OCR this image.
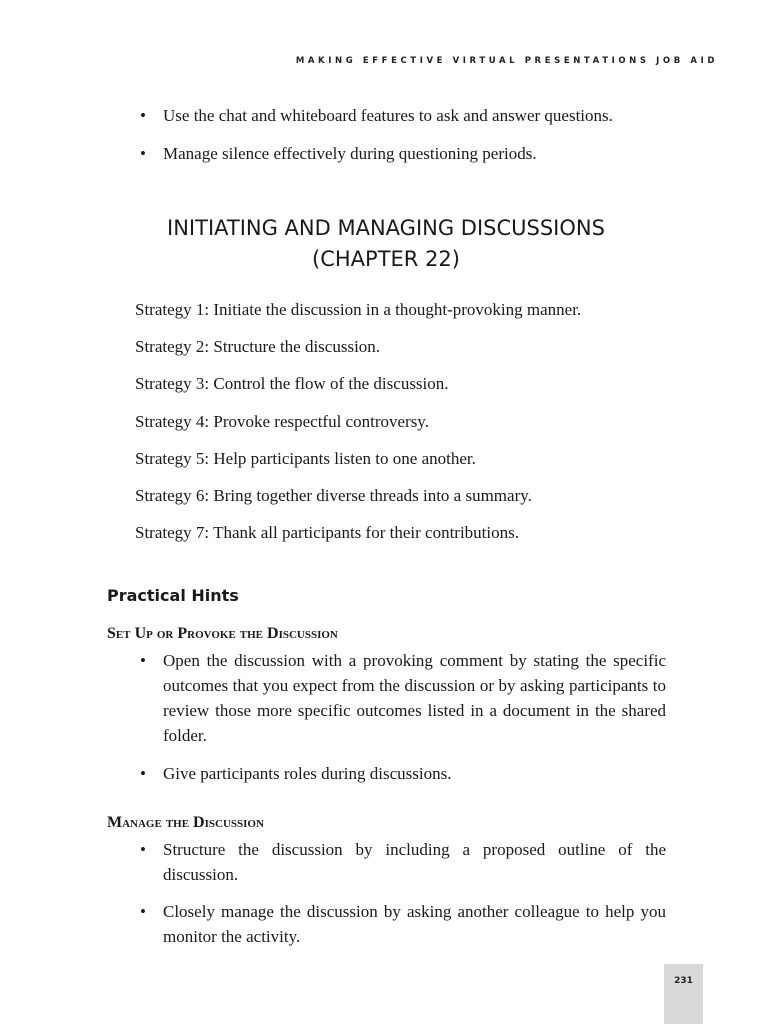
MAKING EFFECTIVE VIRTUAL PRESENTATIONS JOB AID
• Use the chat and whiteboard features to ask and answer questions.
• Manage silence effectively during questioning periods.
INITIATING AND MANAGING DISCUSSIONS
(CHAPTER 22)
Strategy 1: Initiate the discussion in a thought-provoking manner.
Strategy 2: Structure the discussion.
Strategy 3: Control the flow of the discussion.
Strategy 4: Provoke respectful controversy.
Strategy 5: Help participants listen to one another.
Strategy 6: Bring together diverse threads into a summary.
Strategy 7: Thank all participants for their contributions.
Practical Hints
Set Up or Provoke the Discussion
• Open the discussion with a provoking comment by stating the specific outcomes that you expect from the discussion or by asking participants to review those more specific outcomes listed in a document in the shared folder.
• Give participants roles during discussions.
Manage the Discussion
• Structure the discussion by including a proposed outline of the discussion.
• Closely manage the discussion by asking another colleague to help you monitor the activity.
231
